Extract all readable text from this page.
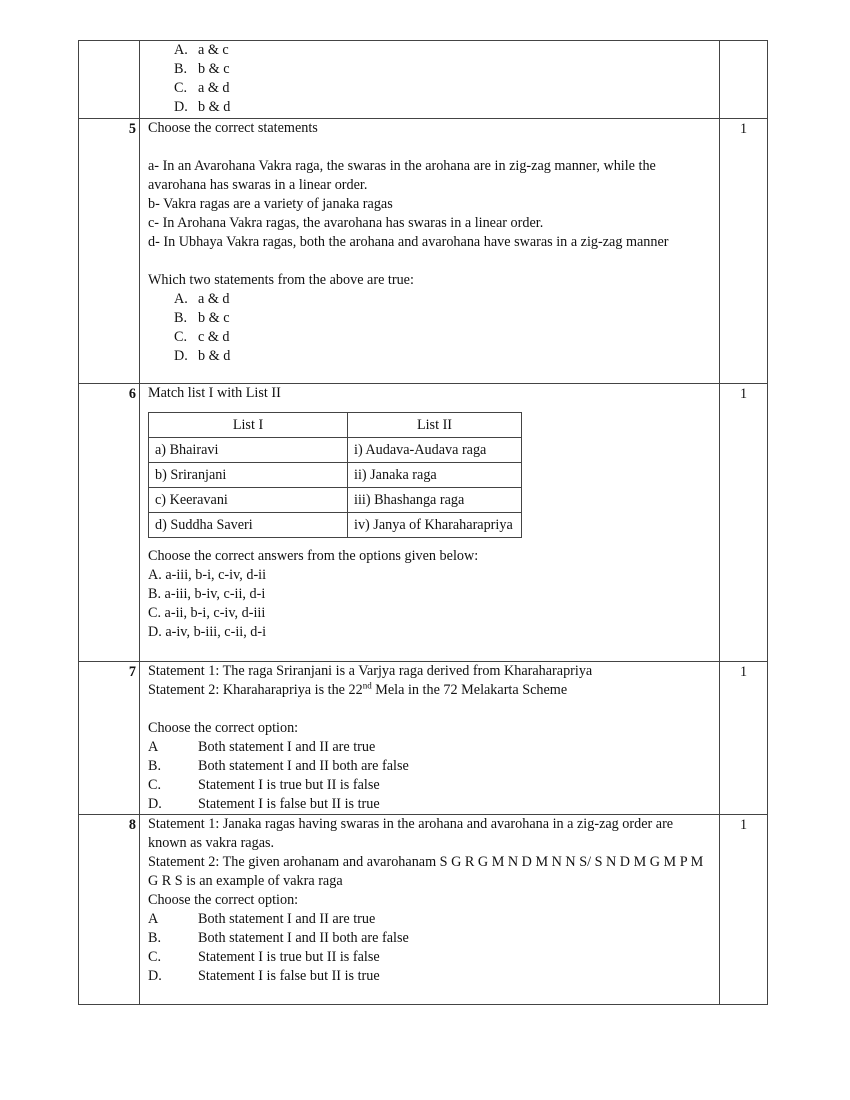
A. a & c
B. b & c
C. a & d
D. b & d

5	Choose the correct statements
a- In an Avarohana Vakra raga, the swaras in the arohana are in zig-zag manner, while the avarohana has swaras in a linear order.
b- Vakra ragas are a variety of janaka ragas
c- In Arohana Vakra ragas, the avarohana has swaras in a linear order.
d- In Ubhaya Vakra ragas, both the arohana and avarohana have swaras in a zig-zag manner
Which two statements from the above are true:
A. a & d
B. b & c
C. c & d
D. b & d
	1
6	Match list I with List II
List I	List II
a) Bhairavi	i) Audava-Audava raga
b) Sriranjani	ii) Janaka raga
c) Keeravani	iii) Bhashanga raga
d) Suddha Saveri	iv) Janya of Kharaharapriya
Choose the correct answers from the options given below:
A. a-iii, b-i, c-iv, d-ii
B. a-iii, b-iv, c-ii, d-i
C. a-ii, b-i, c-iv, d-iii
D. a-iv, b-iii, c-ii, d-i
	1
7	Statement 1: The raga Sriranjani is a Varjya raga derived from Kharaharapriya
Statement 2: Kharaharapriya is the 22nd Mela in the 72 Melakarta Scheme
Choose the correct option:
A	Both statement I and II are true
B.	Both statement I and II both are false
C.	Statement I is true but II is false
D.	Statement I is false but II is true
	1
8	Statement 1: Janaka ragas having swaras in the arohana and avarohana in a zig-zag order are known as vakra ragas.
Statement 2: The given arohanam and avarohanam S G R G M N D M N N S/ S N D M G M P M G R S is an example of vakra raga
Choose the correct option:
A	Both statement I and II are true
B.	Both statement I and II both are false
C.	Statement I is true but II is false
D.	Statement I is false but II is true
	1
